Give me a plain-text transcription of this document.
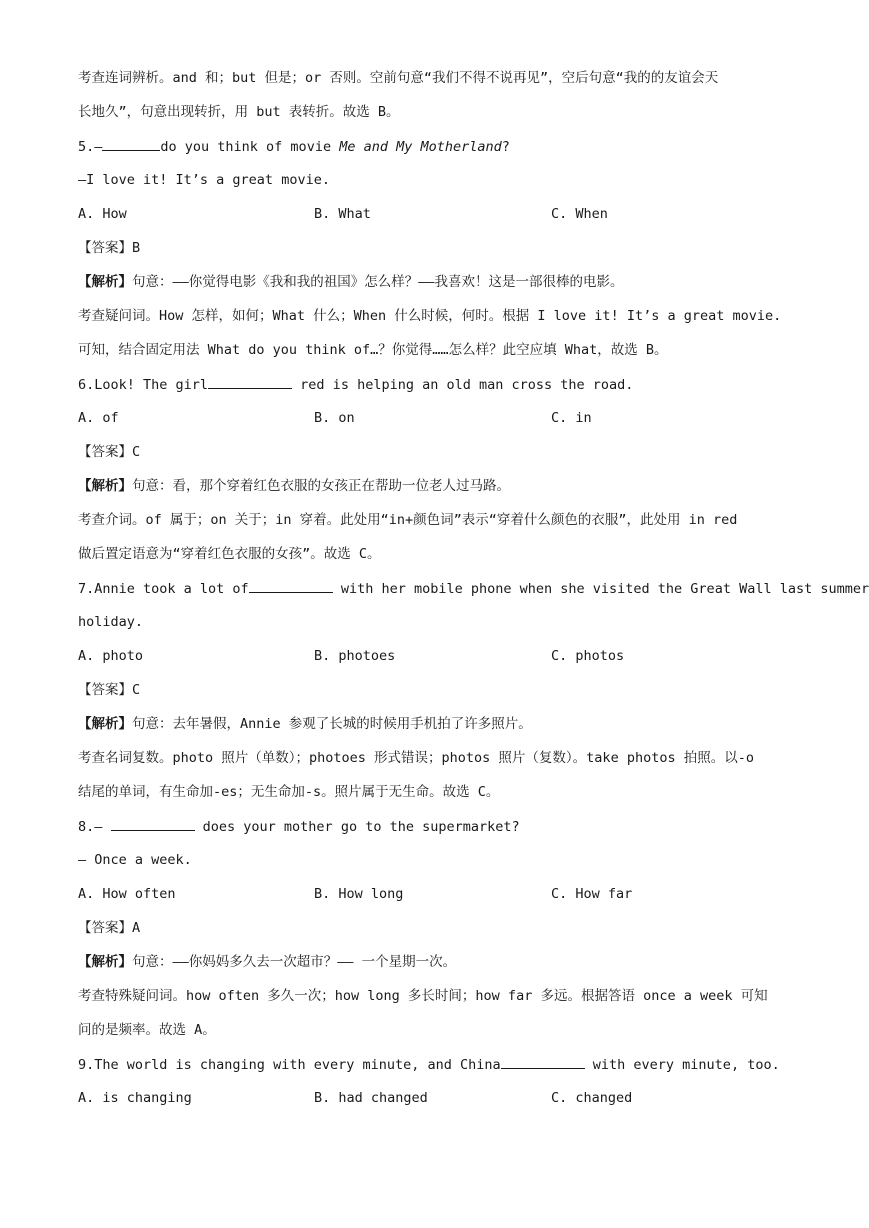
考查连词辨析。and 和；but 但是；or 否则。空前句意“我们不得不说再见”，空后句意“我的的友谊会天
长地久”，句意出现转折，用 but 表转折。故选 B。
5.—	do you think of movie Me and My Motherland?
—I love it! It’s a great movie.
A. How	B. What	C. When
【答案】B
【解析】句意：——你觉得电影《我和我的祖国》怎么样？——我喜欢！这是一部很棒的电影。
考查疑问词。How 怎样，如何；What 什么；When 什么时候，何时。根据 I love it! It’s a great movie.
可知，结合固定用法 What do you think of…？你觉得……怎么样？此空应填 What，故选 B。
6.Look! The girl	red is helping an old man cross the road.
A. of	B. on	C. in
【答案】C
【解析】句意：看，那个穿着红色衣服的女孩正在帮助一位老人过马路。
考查介词。of 属于；on 关于；in 穿着。此处用“in+颜色词”表示“穿着什么颜色的衣服”，此处用 in red
做后置定语意为“穿着红色衣服的女孩”。故选 C。
7.Annie took a lot of	with her mobile phone when she visited the Great Wall last summer
holiday.
A. photo	B. photoes	C. photos
【答案】C
【解析】句意：去年暑假，Annie 参观了长城的时候用手机拍了许多照片。
考查名词复数。photo 照片（单数）；photoes 形式错误；photos 照片（复数）。take photos 拍照。以-o
结尾的单词，有生命加-es；无生命加-s。照片属于无生命。故选 C。
8.—	does your mother go to the supermarket?
— Once a week.
A. How often	B. How long	C. How far
【答案】A
【解析】句意：——你妈妈多久去一次超市？—— 一个星期一次。
考查特殊疑问词。how often 多久一次；how long 多长时间；how far 多远。根据答语 once a week 可知
问的是频率。故选 A。
9.The world is changing with every minute, and China	with every minute, too.
A. is changing	B. had changed	C. changed
